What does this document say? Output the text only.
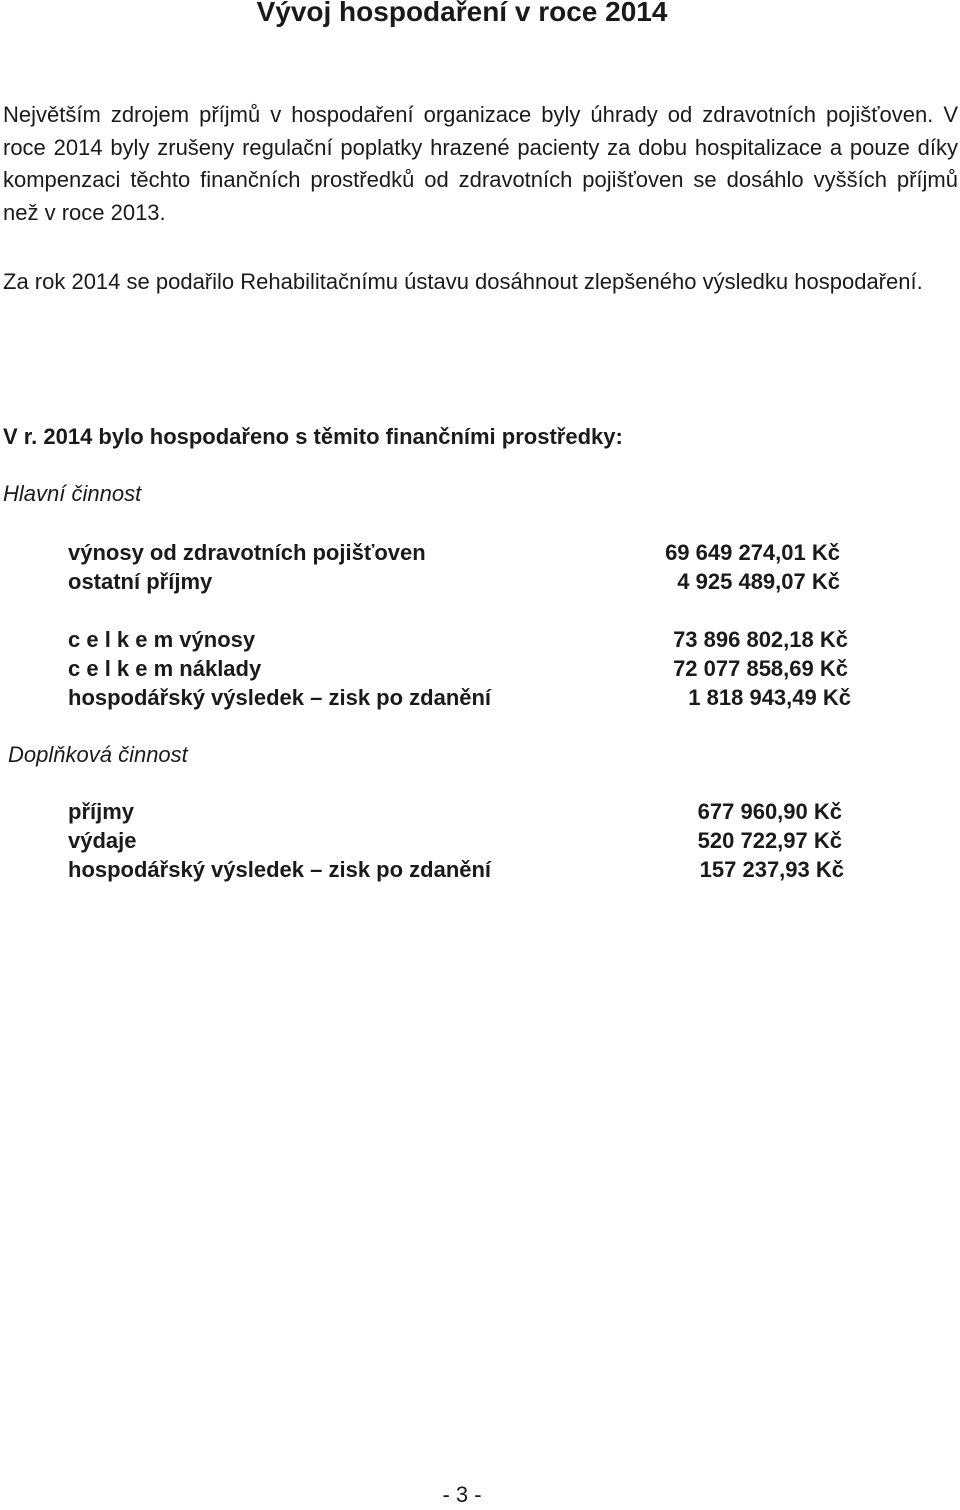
Vývoj hospodaření v roce 2014

Největším zdrojem příjmů v hospodaření organizace byly úhrady od zdravotních pojišťoven. V roce 2014 byly zrušeny regulační poplatky hrazené pacienty za dobu hospitalizace a pouze díky kompenzaci těchto finančních prostředků od zdravotních pojišťoven se dosáhlo vyšších příjmů než v roce 2013.

Za rok 2014 se podařilo Rehabilitačnímu ústavu dosáhnout zlepšeného výsledku hospodaření.

V r. 2014 bylo hospodařeno s těmito finančními prostředky:
Hlavní činnost
výnosy od zdravotních pojišťoven	69 649 274,01 Kč
ostatní příjmy	4 925 489,07 Kč
c e l k e m výnosy	73 896 802,18 Kč
c e l k e m náklady	72 077 858,69 Kč
hospodářský výsledek – zisk po zdanění	1 818 943,49 Kč
Doplňková činnost
příjmy	677 960,90 Kč
výdaje	520 722,97 Kč
hospodářský výsledek – zisk po zdanění	157 237,93 Kč
- 3 -
